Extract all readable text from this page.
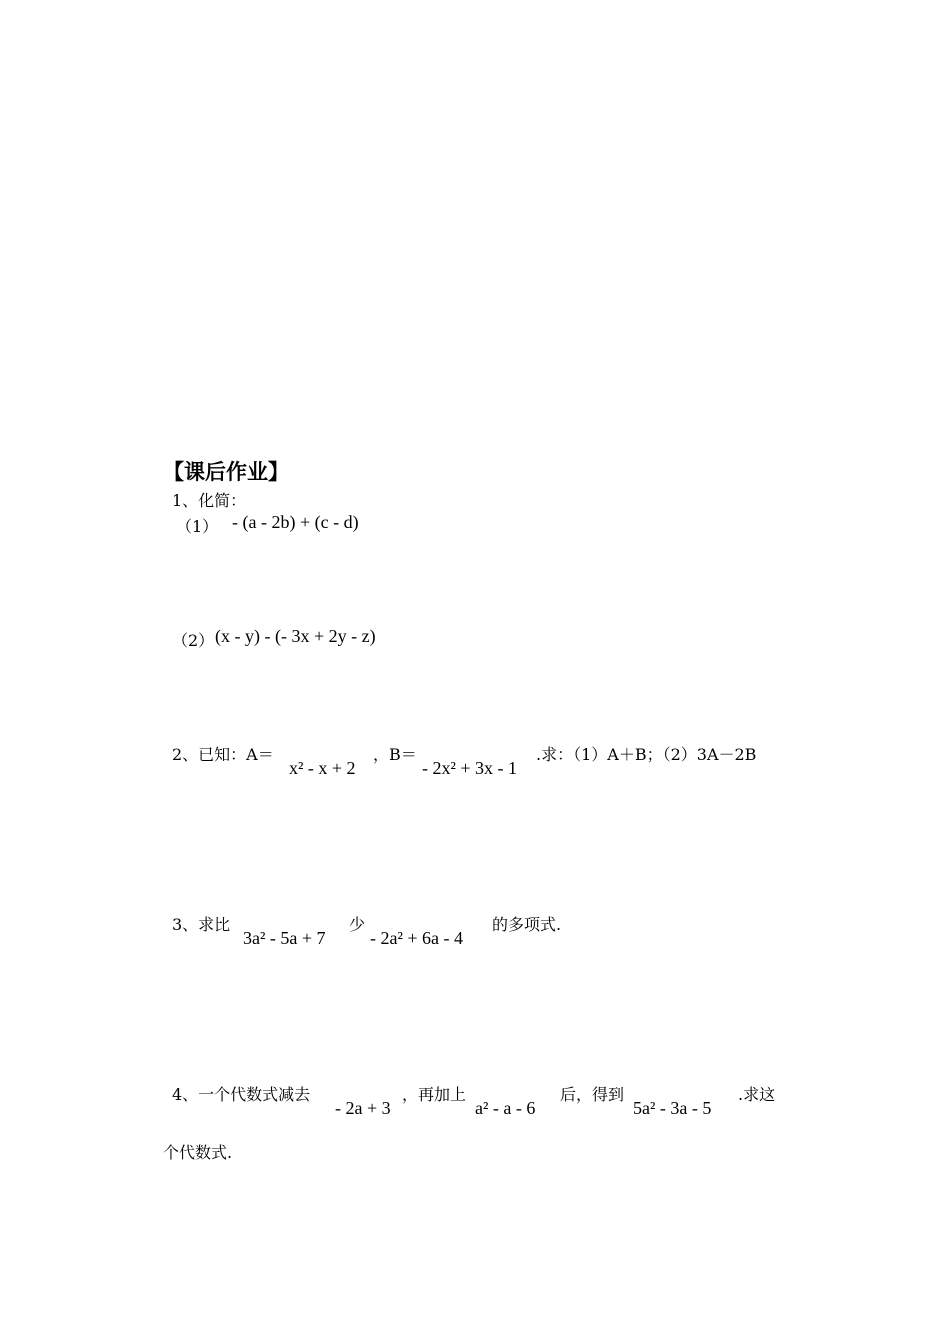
【课后作业】
1、化简：
（1） - (a - 2b) + (c - d)
（2） (x - y) - (- 3x + 2y - z)
2、已知：A＝
x² - x + 2
，B＝
- 2x² + 3x - 1
.求：（1）A＋B；（2）3A－2B
3、求比
3a² - 5a + 7
少
- 2a² + 6a - 4
的多项式.
4、一个代数式减去
- 2a + 3
，再加上
a² - a - 6
后，得到
5a² - 3a - 5
.求这
个代数式.
